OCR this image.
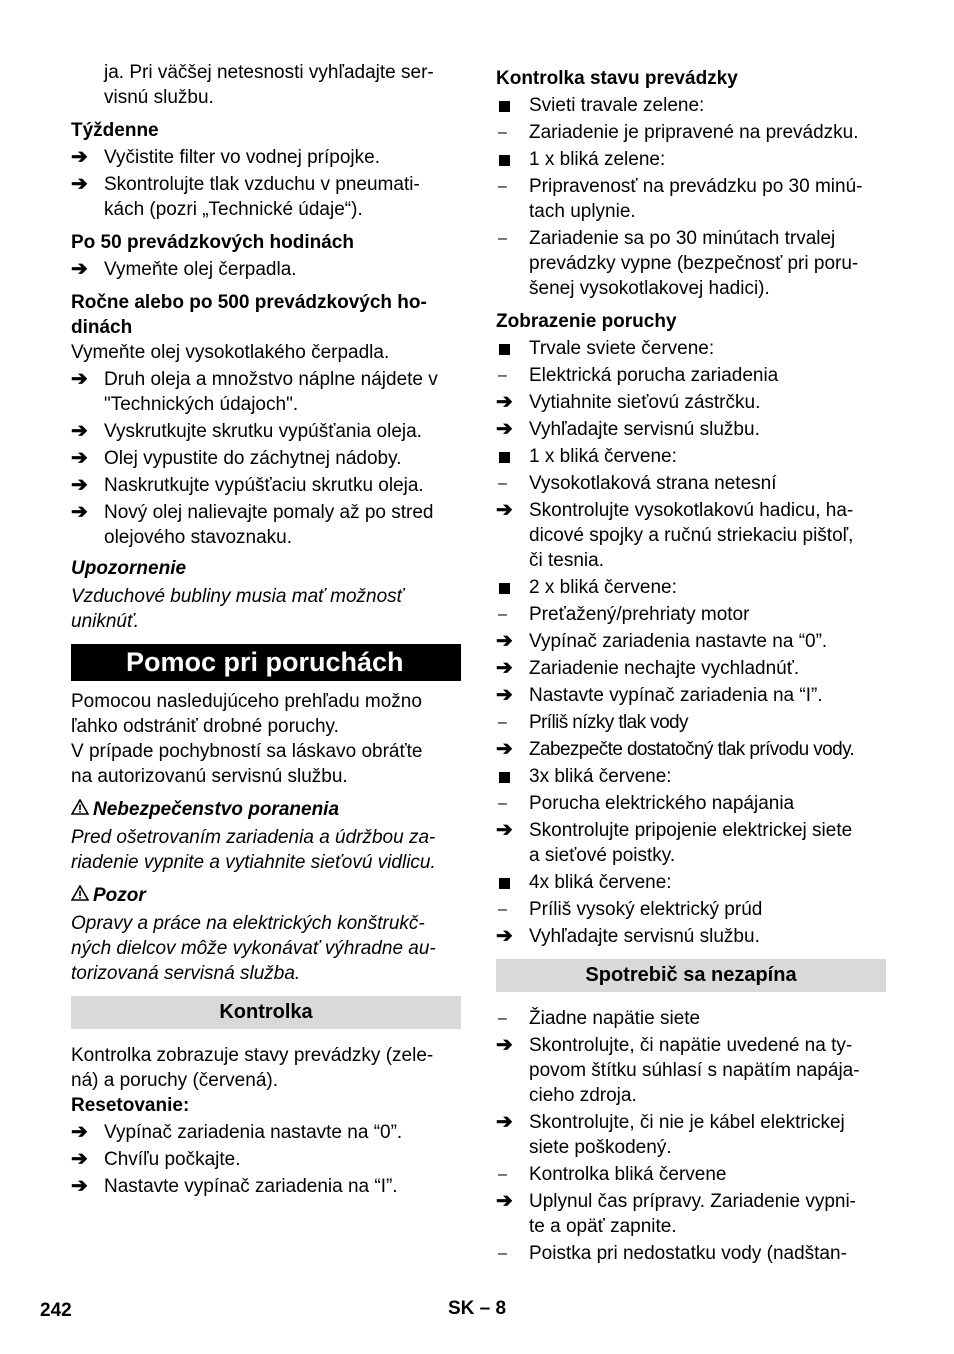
ja. Pri väčšej netesnosti vyhľadajte ser-
visnú službu.
Týždenne
➔ Vyčistite filter vo vodnej prípojke.
➔ Skontrolujte tlak vzduchu v pneumati-
kách (pozri „Technické údaje“).
Po 50 prevádzkových hodinách
➔ Vymeňte olej čerpadla.
Ročne alebo po 500 prevádzkových ho-
dinách
Vymeňte olej vysokotlakého čerpadla.
➔ Druh oleja a množstvo náplne nájdete v
"Technických údajoch".
➔ Vyskrutkujte skrutku vypúšťania oleja.
➔ Olej vypustite do záchytnej nádoby.
➔ Naskrutkujte vypúšťaciu skrutku oleja.
➔ Nový olej nalievajte pomaly až po stred
olejového stavoznaku.
Upozornenie
Vzduchové bubliny musia mať možnosť
uniknúť.
Pomoc pri poruchách
Pomocou nasledujúceho prehľadu možno
ľahko odstrániť drobné poruchy.
V prípade pochybností sa láskavo obráťte
na autorizovanú servisnú službu.
Nebezpečenstvo poranenia
Pred ošetrovaním zariadenia a údržbou za-
riadenie vypnite a vytiahnite sieťovú vidlicu.
Pozor
Opravy a práce na elektrických konštrukč-
ných dielcov môže vykonávať výhradne au-
torizovaná servisná služba.
Kontrolka
Kontrolka zobrazuje stavy prevádzky (zele-
ná) a poruchy (červená).
Resetovanie:
➔ Vypínač zariadenia nastavte na “0”.
➔ Chvíľu počkajte.
➔ Nastavte vypínač zariadenia na “I”.
Kontrolka stavu prevádzky
Svieti travale zelene:
–	Zariadenie je pripravené na prevádzku.
1 x bliká zelene:
–	Pripravenosť na prevádzku po 30 minú-
tach uplynie.
–	Zariadenie sa po 30 minútach trvalej
prevádzky vypne (bezpečnosť pri poru-
šenej vysokotlakovej hadici).
Zobrazenie poruchy
Trvale sviete červene:
–	Elektrická porucha zariadenia
➔ Vytiahnite sieťovú zástrčku.
➔ Vyhľadajte servisnú službu.
1 x bliká červene:
–	Vysokotlaková strana netesní
➔ Skontrolujte vysokotlakovú hadicu, ha-
dicové spojky a ručnú striekaciu pištoľ,
či tesnia.
2 x bliká červene:
–	Preťažený/prehriaty motor
➔ Vypínač zariadenia nastavte na “0”.
➔ Zariadenie nechajte vychladnúť.
➔ Nastavte vypínač zariadenia na “I”.
–	Príliš nízky tlak vody
➔ Zabezpečte dostatočný tlak prívodu vody.
3x bliká červene:
–	Porucha elektrického napájania
➔ Skontrolujte pripojenie elektrickej siete
a sieťové poistky.
4x bliká červene:
–	Príliš vysoký elektrický prúd
➔ Vyhľadajte servisnú službu.
Spotrebič sa nezapína
–	Žiadne napätie siete
➔ Skontrolujte, či napätie uvedené na ty-
povom štítku súhlasí s napätím napája-
cieho zdroja.
➔ Skontrolujte, či nie je kábel elektrickej
siete poškodený.
–	Kontrolka bliká červene
➔ Uplynul čas prípravy. Zariadenie vypni-
te a opäť zapnite.
–	Poistka pri nedostatku vody (nadštan-
242	SK – 8
